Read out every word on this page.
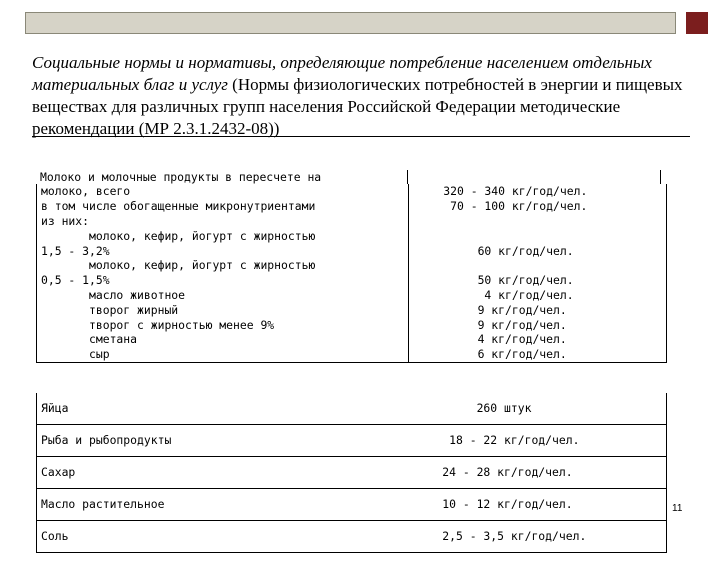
Социальные нормы и нормативы, определяющие потребление населением отдельных материальных благ и услуг (Нормы физиологических потребностей в энергии и пищевых веществах для различных групп населения Российской Федерации методические рекомендации (МР 2.3.1.2432-08))

Молоко и молочные продукты в пересчете на
молоко, всего	320 - 340 кг/год/чел.
в том числе обогащенные микронутриентами	70 - 100 кг/год/чел.
из них:
молоко, кефир, йогурт с жирностью
1,5 - 3,2%	60 кг/год/чел.
молоко, кефир, йогурт с жирностью
0,5 - 1,5%	50 кг/год/чел.
масло животное	4 кг/год/чел.
творог жирный	9 кг/год/чел.
творог с жирностью менее 9%	9 кг/год/чел.
сметана	4 кг/год/чел.
сыр	6 кг/год/чел.

Яйца	260 штук
Рыба и рыбопродукты	18 - 22 кг/год/чел.
Сахар	24 - 28 кг/год/чел.
Масло растительное	10 - 12 кг/год/чел.
Соль	2,5 - 3,5 кг/год/чел.

11
